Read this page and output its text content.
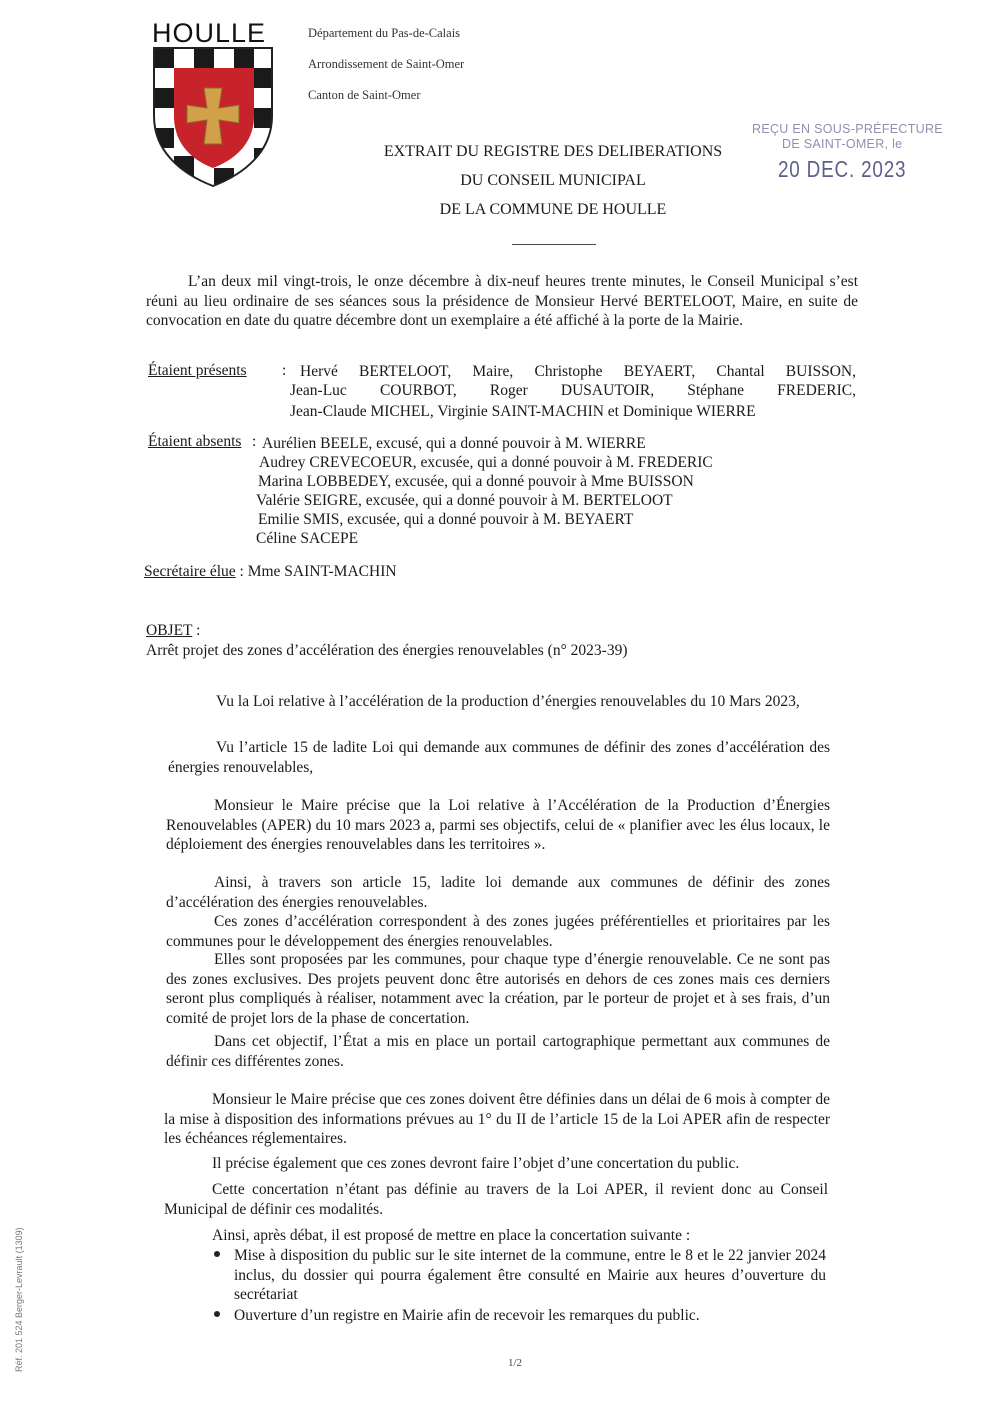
HOULLE	Département du Pas-de-Calais
Arrondissement de Saint-Omer
Canton de Saint-Omer
REÇU EN SOUS-PRÉFECTURE
DE SAINT-OMER, le
20 DEC. 2023
EXTRAIT DU REGISTRE DES DELIBERATIONS
DU CONSEIL MUNICIPAL
DE LA COMMUNE DE HOULLE
L’an deux mil vingt-trois, le onze décembre à dix-neuf heures trente minutes, le Conseil Municipal s’est réuni au lieu ordinaire de ses séances sous la présidence de Monsieur Hervé BERTELOOT, Maire, en suite de convocation en date du quatre décembre dont un exemplaire a été affiché à la porte de la Mairie.
Étaient présents : Hervé BERTELOOT, Maire, Christophe BEYAERT, Chantal BUISSON,
Jean-Luc COURBOT, Roger DUSAUTOIR, Stéphane FREDERIC,
Jean-Claude MICHEL, Virginie SAINT-MACHIN et Dominique WIERRE
Étaient absents : Aurélien BEELE, excusé, qui a donné pouvoir à M. WIERRE
Audrey CREVECOEUR, excusée, qui a donné pouvoir à M. FREDERIC
Marina LOBBEDEY, excusée, qui a donné pouvoir à Mme BUISSON
Valérie SEIGRE, excusée, qui a donné pouvoir à M. BERTELOOT
Emilie SMIS, excusée, qui a donné pouvoir à M. BEYAERT
Céline SACEPE
Secrétaire élue : Mme SAINT-MACHIN
OBJET :
Arrêt projet des zones d’accélération des énergies renouvelables (n° 2023-39)
Vu la Loi relative à l’accélération de la production d’énergies renouvelables du 10 Mars 2023,
Vu l’article 15 de ladite Loi qui demande aux communes de définir des zones d’accélération des énergies renouvelables,
Monsieur le Maire précise que la Loi relative à l’Accélération de la Production d’Énergies Renouvelables (APER) du 10 mars 2023 a, parmi ses objectifs, celui de « planifier avec les élus locaux, le déploiement des énergies renouvelables dans les territoires ».
Ainsi, à travers son article 15, ladite loi demande aux communes de définir des zones d’accélération des énergies renouvelables.
Ces zones d’accélération correspondent à des zones jugées préférentielles et prioritaires par les communes pour le développement des énergies renouvelables.
Elles sont proposées par les communes, pour chaque type d’énergie renouvelable. Ce ne sont pas des zones exclusives. Des projets peuvent donc être autorisés en dehors de ces zones mais ces derniers seront plus compliqués à réaliser, notamment avec la création, par le porteur de projet et à ses frais, d’un comité de projet lors de la phase de concertation.
Dans cet objectif, l’État a mis en place un portail cartographique permettant aux communes de définir ces différentes zones.
Monsieur le Maire précise que ces zones doivent être définies dans un délai de 6 mois à compter de la mise à disposition des informations prévues au 1° du II de l’article 15 de la Loi APER afin de respecter les échéances réglementaires.
Il précise également que ces zones devront faire l’objet d’une concertation du public.
Cette concertation n’étant pas définie au travers de la Loi APER, il revient donc au Conseil Municipal de définir ces modalités.
Ainsi, après débat, il est proposé de mettre en place la concertation suivante :
Mise à disposition du public sur le site internet de la commune, entre le 8 et le 22 janvier 2024 inclus, du dossier qui pourra également être consulté en Mairie aux heures d’ouverture du secrétariat
Ouverture d’un registre en Mairie afin de recevoir les remarques du public.
1/2
Réf. 201 524 Berger-Levrault (1309)
